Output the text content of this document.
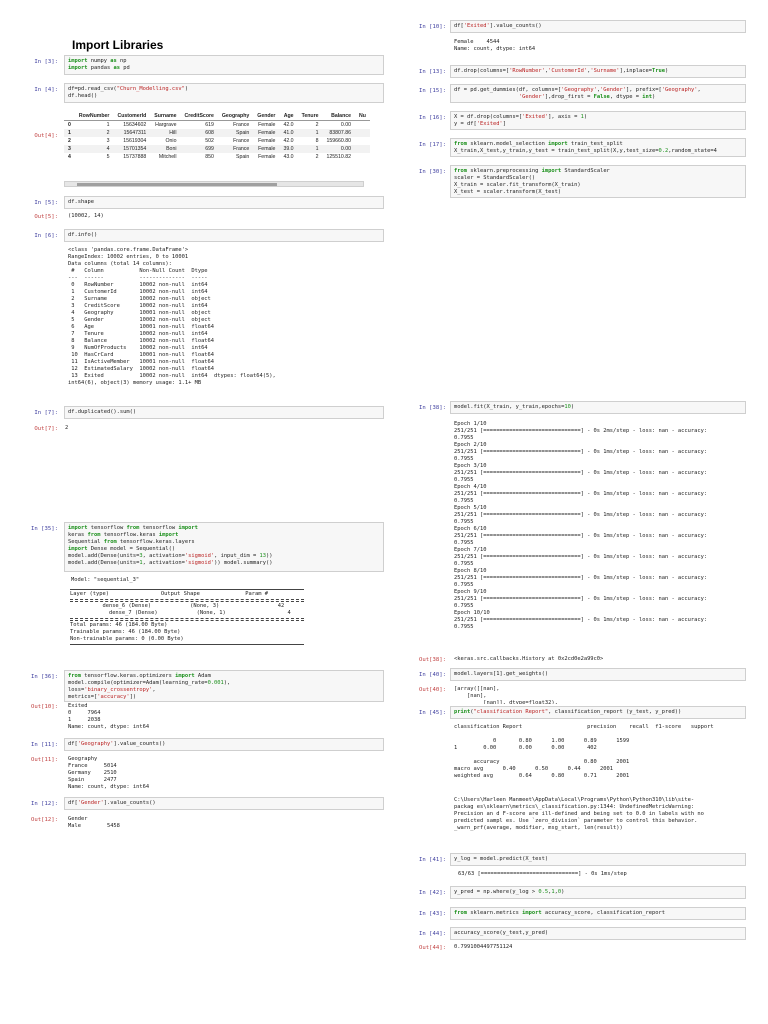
Import Libraries
In [3]:	import numpy as np
import pandas as pd
In [4]:	df=pd.read_csv("Churn_Modelling.csv")
df.head()
Out[4]:
	RowNumber	CustomerId	Surname	CreditScore	Geography	Gender	Age	Tenure	Balance	Nu
0	1	15634602	Hargrave	619	France	Female	42.0	2	0.00	
1	2	15647311	Hill	608	Spain	Female	41.0	1	83807.86	
2	3	15619304	Onio	502	France	Female	42.0	8	159660.80	
3	4	15701354	Boni	699	France	Female	39.0	1	0.00	
4	5	15737888	Mitchell	850	Spain	Female	43.0	2	125510.82	
In [5]:	df.shape
Out[5]: (10002, 14)
In [6]:	df.info()
<class 'pandas.core.frame.DataFrame'>
RangeIndex: 10002 entries, 0 to 10001
Data columns (total 14 columns):
#   Column           Non-Null Count  Dtype
---  ------           --------------  -----
0   RowNumber        10002 non-null  int64
1   CustomerId       10002 non-null  int64
2   Surname          10002 non-null  object
3   CreditScore      10002 non-null  int64
4   Geography        10001 non-null  object
5   Gender           10002 non-null  object
6   Age              10001 non-null  float64
7   Tenure           10002 non-null  int64
8   Balance          10002 non-null  float64
9   NumOfProducts    10002 non-null  int64
10  HasCrCard        10001 non-null  float64
11  IsActiveMember   10001 non-null  float64
12  EstimatedSalary  10002 non-null  float64
13  Exited           10002 non-null  int64  dtypes: float64(5),
int64(6), object(3) memory usage: 1.1+ MB
In [7]:	df.duplicated().sum()
Out[7]: 2
In [35]:	import tensorflow from tensorflow import
keras from tensorflow.keras import
Sequential from tensorflow.keras.layers
import Dense model = Sequential()
model.add(Dense(units=3, activation='sigmoid', input_dim = 13))
model.add(Dense(units=1, activation='sigmoid')) model.summary()
Model: "sequential_3"
Layer (type)                Output Shape              Param #
dense_6 (Dense)            (None, 3)                  42
dense_7 (Dense)            (None, 1)                   4
Total params: 46 (184.00 Byte)
Trainable params: 46 (184.00 Byte)
Non-trainable params: 0 (0.00 Byte)
In [36]:	from tensorflow.keras.optimizers import Adam
model.compile(optimizer=Adam(learning_rate=0.001),
loss='binary_crossentropy',
metrics=['accuracy'])
Out[10]: Exited
0     7964
1     2038
Name: count, dtype: int64
In [11]:	df['Geography'].value_counts()
Out[11]: Geography
France     5014
Germany    2510
Spain      2477
Name: count, dtype: int64
In [12]:	df['Gender'].value_counts()
Out[12]: Gender
Male        5458
In [10]:	df['Exited'].value_counts()
Female    4544
Name: count, dtype: int64
In [13]:	df.drop(columns=['RowNumber','CustomerId','Surname'],inplace=True)
In [15]:	df = pd.get_dummies(df, columns=['Geography','Gender'], prefix=['Geography',
'Gender'],drop_first = False, dtype = int)
In [16]:	X = df.drop(columns=['Exited'], axis = 1)
y = df['Exited']
In [17]:	from sklearn.model_selection import train_test_split
X_train,X_test,y_train,y_test = train_test_split(X,y,test_size=0.2,random_state=4
In [30]:	from sklearn.preprocessing import StandardScaler
scaler = StandardScaler()
X_train = scaler.fit_transform(X_train)
X_test = scaler.transform(X_test)
In [38]:	model.fit(X_train, y_train,epochs=10)
Epoch 1/10
251/251 [==============================] - 0s 2ms/step - loss: nan - accuracy:
0.7955
Epoch 2/10
251/251 [==============================] - 0s 1ms/step - loss: nan - accuracy:
0.7955
Epoch 3/10
251/251 [==============================] - 0s 1ms/step - loss: nan - accuracy:
0.7955
Epoch 4/10
251/251 [==============================] - 0s 1ms/step - loss: nan - accuracy:
0.7955
Epoch 5/10
251/251 [==============================] - 0s 1ms/step - loss: nan - accuracy:
0.7955
Epoch 6/10
251/251 [==============================] - 0s 1ms/step - loss: nan - accuracy:
0.7955
Epoch 7/10
251/251 [==============================] - 0s 1ms/step - loss: nan - accuracy:
0.7955
Epoch 8/10
251/251 [==============================] - 0s 1ms/step - loss: nan - accuracy:
0.7955
Epoch 9/10
251/251 [==============================] - 0s 1ms/step - loss: nan - accuracy:
0.7955
Epoch 10/10
251/251 [==============================] - 0s 1ms/step - loss: nan - accuracy:
0.7955
Out[38]: <keras.src.callbacks.History at 0x2cd0e2a99c0>
In [40]:	model.layers[1].get_weights()
Out[40]: [array([[nan],
[nan],
[nan]], dtype=float32),

In [45]:	print("classification Report", classification_report (y_test, y_pred))
classification Report                    precision    recall  f1-score   support

0       0.80      1.00      0.89      1599
1        0.00       0.00      0.00       402

accuracy                          0.80      2001
macro avg      0.40      0.50      0.44      2001
weighted avg        0.64      0.80      0.71      2001
C:\Users\Harleen Manmeet\AppData\Local\Programs\Python\Python310\lib\site-
packag es\sklearn\metrics\_classification.py:1344: UndefinedMetricWarning:
Precision an d F-score are ill-defined and being set to 0.0 in labels with no
predicted sampl es. Use `zero_division` parameter to control this behavior.
_warn_prf(average, modifier, msg_start, len(result))
In [41]:	y_log = model.predict(X_test)
63/63 [==============================] - 0s 1ms/step
In [42]:	y_pred = np.where(y_log > 0.5,1,0)
In [43]:	from sklearn.metrics import accuracy_score, classification_report
In [44]:	accuracy_score(y_test,y_pred)
Out[44]: 0.7991004497751124
